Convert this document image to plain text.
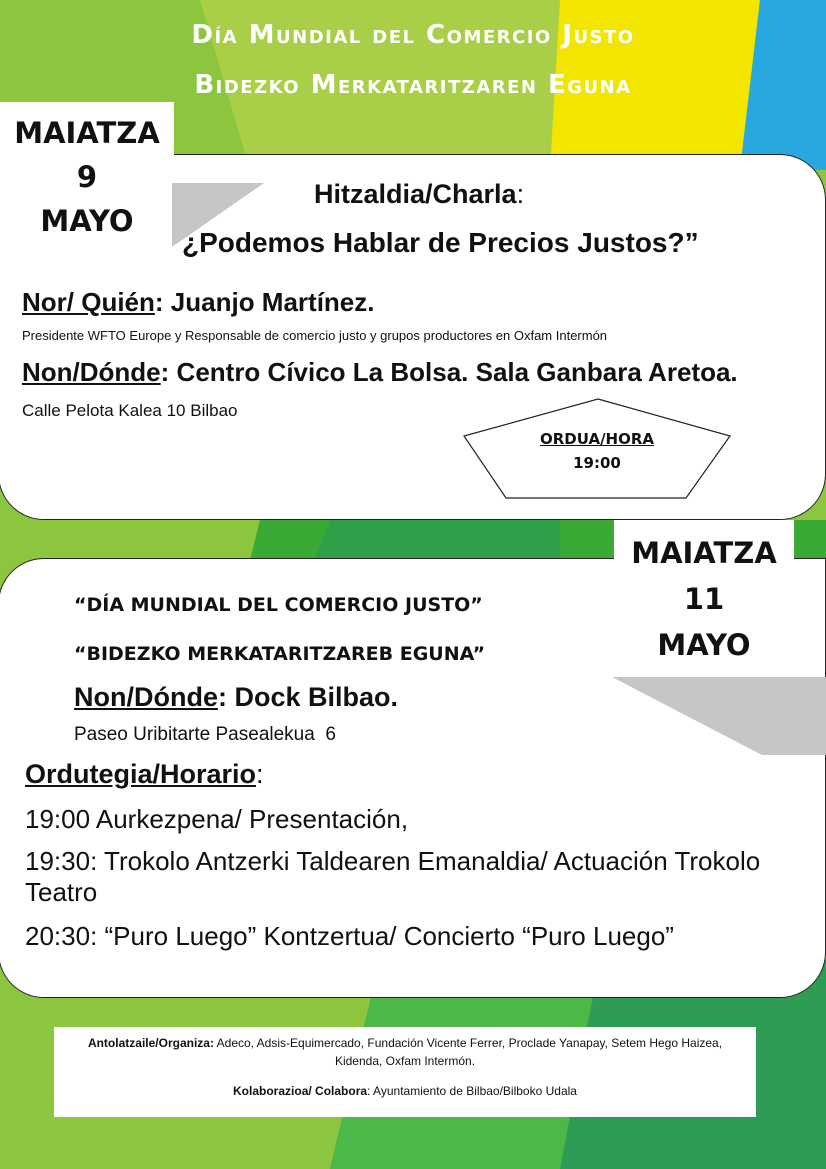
Día Mundial del Comercio Justo
Bidezko Merkataritzaren Eguna
MAIATZA
9
MAYO
Hitzaldia/Charla:
¿Podemos Hablar de Precios Justos?”
Nor/ Quién: Juanjo Martínez.
Presidente WFTO Europe y Responsable de comercio justo y grupos productores en Oxfam Intermón
Non/Dónde: Centro Cívico La Bolsa. Sala Ganbara Aretoa.
Calle Pelota Kalea 10 Bilbao
ORDUA/HORA
19:00
MAIATZA
11
MAYO
“DÍA MUNDIAL DEL COMERCIO JUSTO”
“BIDEZKO MERKATARITZAREB EGUNA”
Non/Dónde: Dock Bilbao.
Paseo Uribitarte Pasealekua  6
Ordutegia/Horario:
19:00 Aurkezpena/ Presentación,
19:30: Trokolo Antzerki Taldearen Emanaldia/ Actuación Trokolo Teatro
20:30: “Puro Luego” Kontzertua/ Concierto “Puro Luego”
Antolatzaile/Organiza: Adeco, Adsis-Equimercado, Fundación Vicente Ferrer, Proclade Yanapay, Setem Hego Haizea, Kidenda, Oxfam Intermón.
Kolaborazioa/ Colabora: Ayuntamiento de Bilbao/Bilboko Udala
